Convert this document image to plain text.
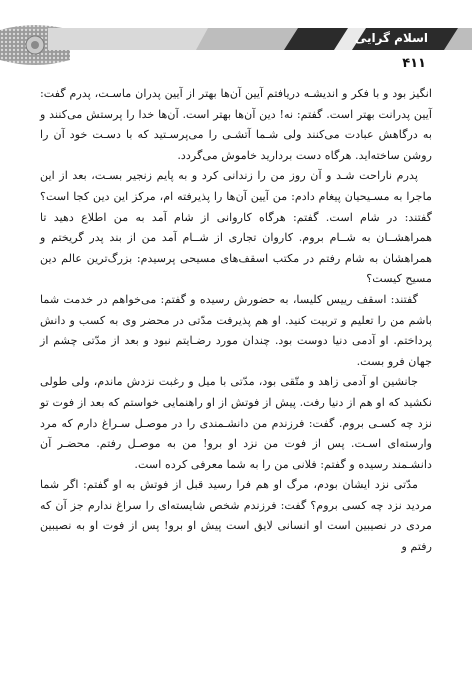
اسلام گرایی
۴۱۱

انگیز بود و با فکر و اندیشـه دریافتم آیین آن‌ها بهتر از آیین پدران ماسـت، پدرم گفت: آیین پدرانت بهتر است. گفتم: نه! دین آن‌ها بهتر است. آن‌ها خدا را پرستش می‌کنند و به درگاهش عبادت می‌کنند ولی شـما آتشـی را می‌پرسـتید که با دسـت خود آن را روشن ساخته‌اید. هرگاه دست بردارید خاموش می‌گردد.

پدرم ناراحت شـد و آن روز من را زندانی کرد و به پایم زنجیر بسـت، بعد از این ماجرا به مسـیحیان پیغام دادم: من آیین آن‌ها را پذیرفته ام، مرکز این دین کجا است؟ گفتند: در شام است. گفتم: هرگاه کاروانی از شام آمد به من اطلاع دهید تا همراهشــان به شــام بروم. کاروان تجاری از شــام آمد من از بند پدر گریختم و همراهشان به شام رفتم در مکتب اسقف‌های مسیحی پرسیدم: بزرگ‌ترین عالم دین مسیح کیست؟

گفتند: اسقف رییس کلیسا، به حضورش رسیده و گفتم: می‌خواهم در خدمت شما باشم من را تعلیم و تربیت کنید. او هم پذیرفت مدّتی در محضر وی به کسب و دانش پرداختم. او آدمی دنیا دوست بود. چندان مورد رضـایتم نبود و بعد از مدّتی چشم از جهان فرو بست.

جانشین او آدمی زاهد و متّقی بود، مدّتی با میل و رغبت نزدش ماندم، ولی طولی نکشید که او هم از دنیا رفت. پیش از فوتش از او راهنمایی خواستم که بعد از فوت تو نزد چه کسـی بروم. گفت: فرزندم من دانشـمندی را در موصـل سـراغ دارم که مرد وارسته‌ای اسـت. پس از فوت من نزد او برو! من به موصـل رفتم. محضـر آن دانشـمند رسیده و گفتم: فلانی من را به شما معرفی کرده است.

مدّتی نزد ایشان بودم، مرگ او هم فرا رسید قبل از فوتش به او گفتم: اگر شما مردید نزد چه کسی بروم؟ گفت: فرزندم شخص شایسته‌ای را سراغ ندارم جز آن که مردی در نصیبین است او انسانی لایق است پیش او برو! پس از فوت او به نصیبین رفتم و
